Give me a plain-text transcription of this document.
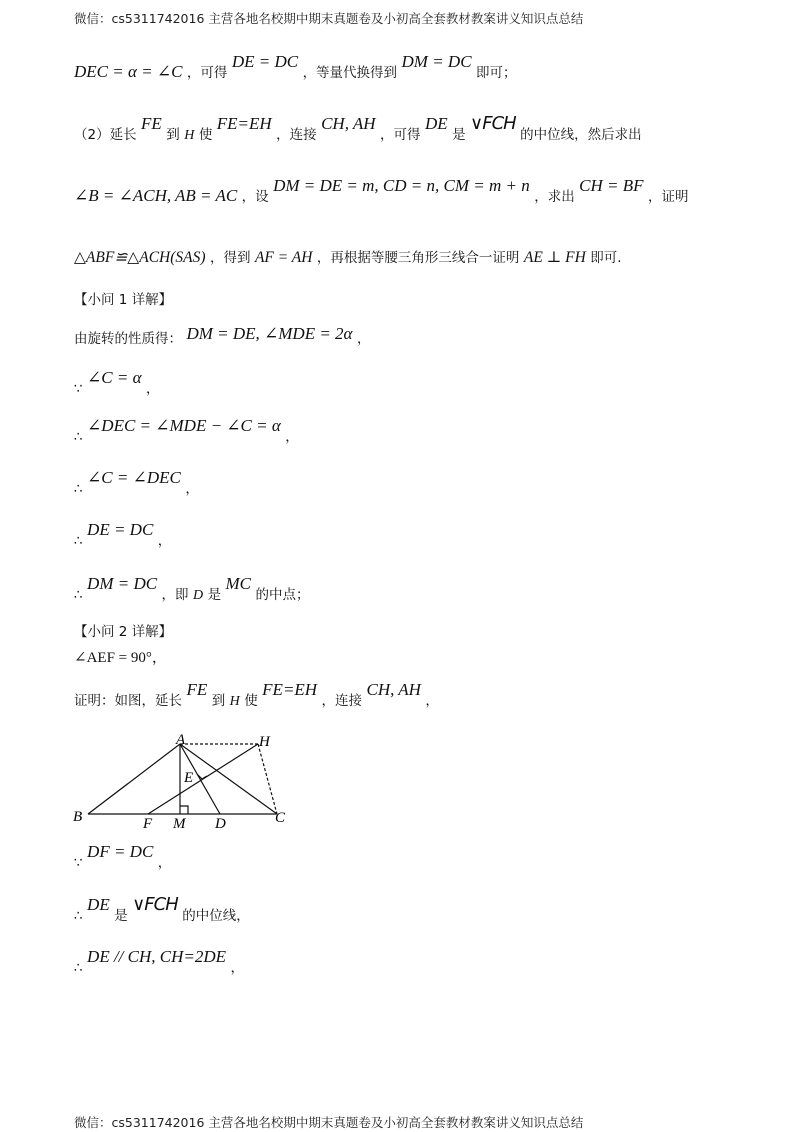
微信：cs5311742016 主营各地名校期中期末真题卷及小初高全套教材教案讲义知识点总结
DEC = α = ∠C ，可得 DE = DC ，等量代换得到 DM = DC 即可；
（2）延长 FE 到 H 使 FE=EH ，连接 CH, AH ，可得 DE 是 ∨FCH 的中位线，然后求出
∠B = ∠ACH, AB = AC ，设 DM = DE = m, CD = n, CM = m + n ，求出 CH = BF ，证明
△ABF≌△ACH(SAS) ，得到 AF = AH ，再根据等腰三角形三线合一证明 AE ⊥ FH 即可.
【小问 1 详解】
由旋转的性质得： DM = DE, ∠MDE = 2α ，
∵ ∠C = α ，
∴ ∠DEC = ∠MDE − ∠C = α ，
∴ ∠C = ∠DEC ，
∴ DE = DC ，
∴ DM = DC ，即 D 是 MC 的中点；
【小问 2 详解】
∠AEF = 90°，
证明：如图，延长 FE 到 H 使 FE=EH ，连接 CH, AH ，
A	H
E
B	F M D	C
∵ DF = DC ，
∴ DE 是 ∨FCH 的中位线，
∴ DE // CH, CH=2DE ，
微信：cs5311742016 主营各地名校期中期末真题卷及小初高全套教材教案讲义知识点总结
